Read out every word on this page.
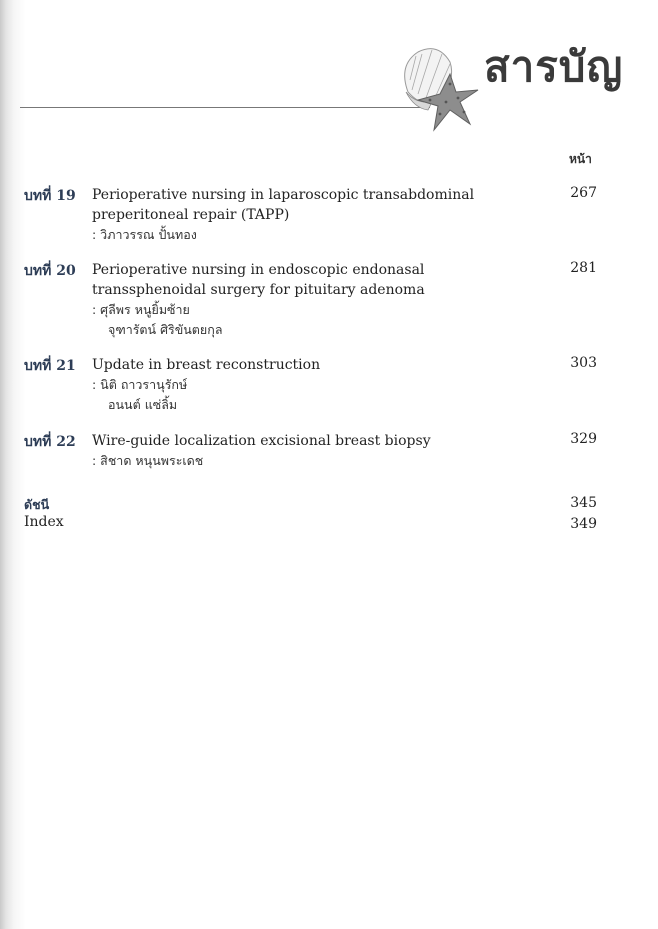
สารบัญ
หน้า
บทที่ 19 Perioperative nursing in laparoscopic transabdominal
preperitoneal repair (TAPP)
: วิภาวรรณ ปั้นทอง
267
บทที่ 20 Perioperative nursing in endoscopic endonasal
transsphenoidal surgery for pituitary adenoma
: ศุลีพร หนูยิ้มซ้าย
จุฑารัตน์ ศิริขันตยกุล
281
บทที่ 21 Update in breast reconstruction
: นิติ ถาวรานุรักษ์
อนนต์ แซ่ลิ้ม
303
บทที่ 22 Wire-guide localization excisional breast biopsy
: สิชาด หนุนพระเดช
329
ดัชนี	345
Index	349
